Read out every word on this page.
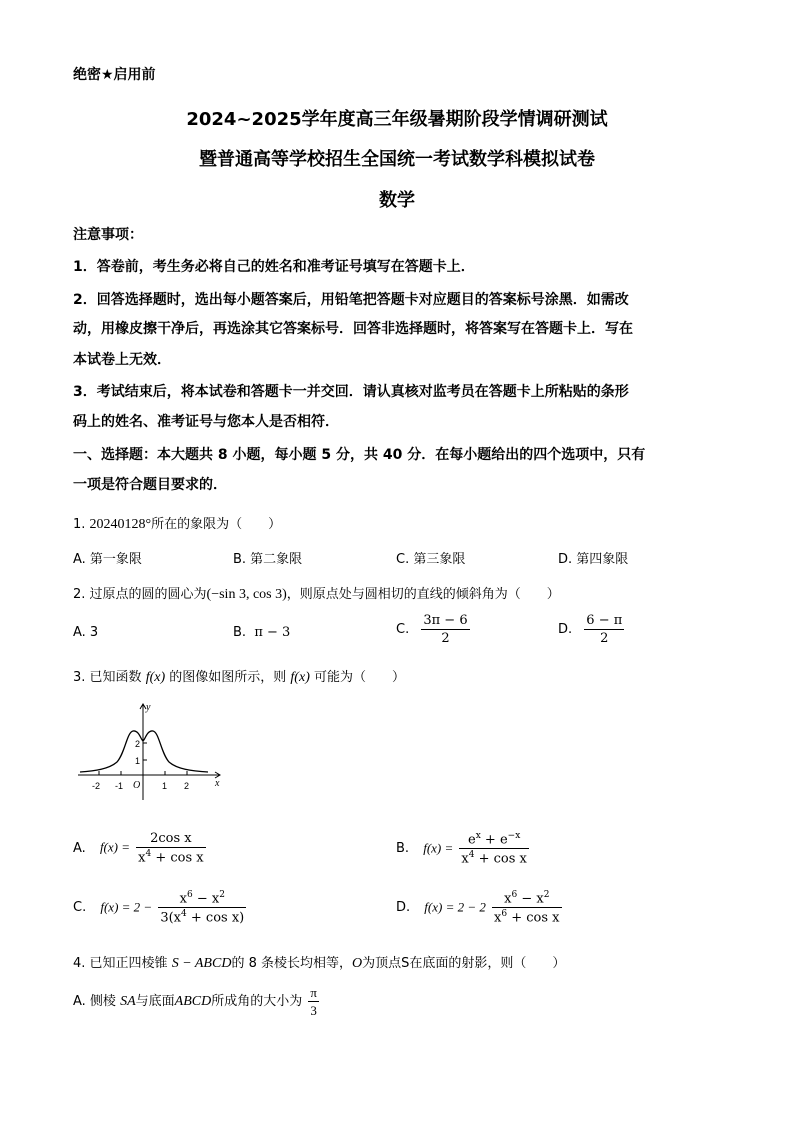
绝密★启用前
2024~2025学年度高三年级暑期阶段学情调研测试
暨普通高等学校招生全国统一考试数学科模拟试卷
数学
注意事项：
1．答卷前，考生务必将自己的姓名和准考证号填写在答题卡上．
2．回答选择题时，选出每小题答案后，用铅笔把答题卡对应题目的答案标号涂黑．如需改
动，用橡皮擦干净后，再选涂其它答案标号．回答非选择题时，将答案写在答题卡上．写在
本试卷上无效．
3．考试结束后，将本试卷和答题卡一并交回．请认真核对监考员在答题卡上所粘贴的条形
码上的姓名、准考证号与您本人是否相符．
一、选择题：本大题共 8 小题，每小题 5 分，共 40 分．在每小题给出的四个选项中，只有
一项是符合题目要求的．
1. 20240128°所在的象限为（　　）
A. 第一象限	B. 第二象限	C. 第三象限	D. 第四象限
2. 过原点的圆的圆心为(−sin 3, cos 3)，则原点处与圆相切的直线的倾斜角为（　　）
A. 3	B. π − 3	C. $\frac{3\pi - 6}{2}$	D. $\frac{6 - \pi}{2}$
3. 已知函数 f(x) 的图像如图所示，则 f(x) 可能为（　　）
y
x
O
-2 -1	1 2
1
2
A. $f(x) = \frac{\text{2cos x}}{x^4 + \cos x}$	B. $f(x) = \frac{e^x + e^{-x}}{x^4 + \cos x}$
C. $f(x) = 2 - \frac{x^6 - x^2}{3(x^4 + \cos x)}$	D. $f(x) = 2 - 2 \frac{x^6 - x^2}{x^6 + \cos x}$
4. 已知正四棱锥 S − ABCD的 8 条棱长均相等，O为顶点S在底面的射影，则（　　）
A. 侧棱 SA与底面ABCD所成角的大小为 $\frac{\pi}{3}$
